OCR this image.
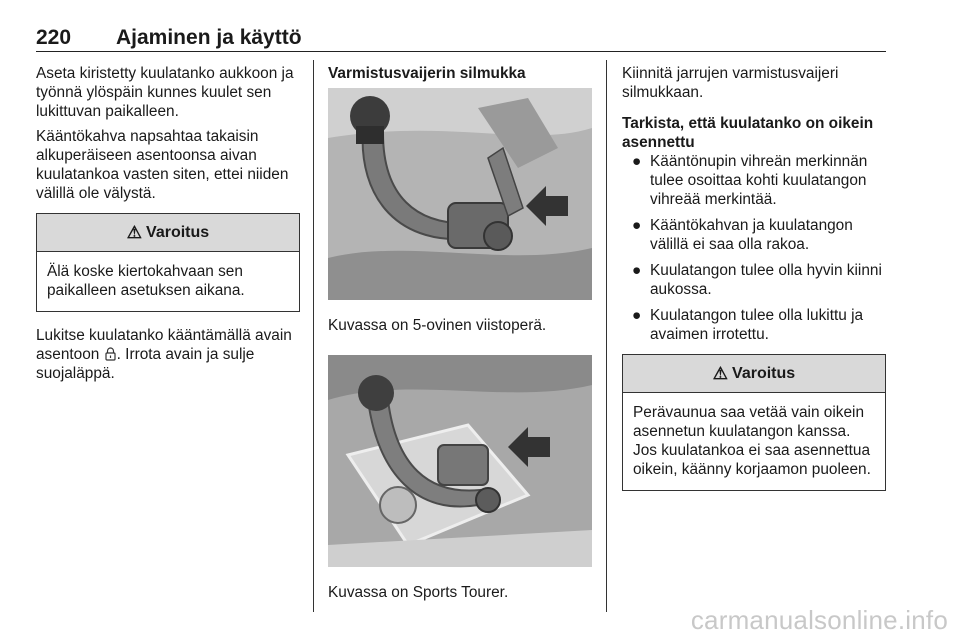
220 Ajaminen ja käyttö

Aseta kiristetty kuulatanko aukkoon ja työnnä ylöspäin kunnes kuulet sen lukittuvan paikalleen.

Kääntökahva napsahtaa takaisin alkuperäiseen asentoonsa aivan kuulatankoa vasten siten, ettei niiden välillä ole välystä.

⚠ Varoitus
Älä koske kiertokahvaan sen paikalleen asetuksen aikana.

Lukitse kuulatanko kääntämällä avain asentoon . Irrota avain ja sulje suojaläppä.

Varmistusvaijerin silmukka

Kuvassa on 5-ovinen viistoperä.

Kuvassa on Sports Tourer.

Kiinnitä jarrujen varmistusvaijeri silmukkaan.

Tarkista, että kuulatanko on oikein asennettu

● Kääntönupin vihreän merkinnän tulee osoittaa kohti kuulatangon vihreää merkintää.
● Kääntökahvan ja kuulatangon välillä ei saa olla rakoa.
● Kuulatangon tulee olla hyvin kiinni aukossa.
● Kuulatangon tulee olla lukittu ja avaimen irrotettu.
⚠ Varoitus
Perävaunua saa vetää vain oikein asennetun kuulatangon kanssa. Jos kuulatankoa ei saa asennettua oikein, käänny korjaamon puoleen.
carmanualsonline.info
